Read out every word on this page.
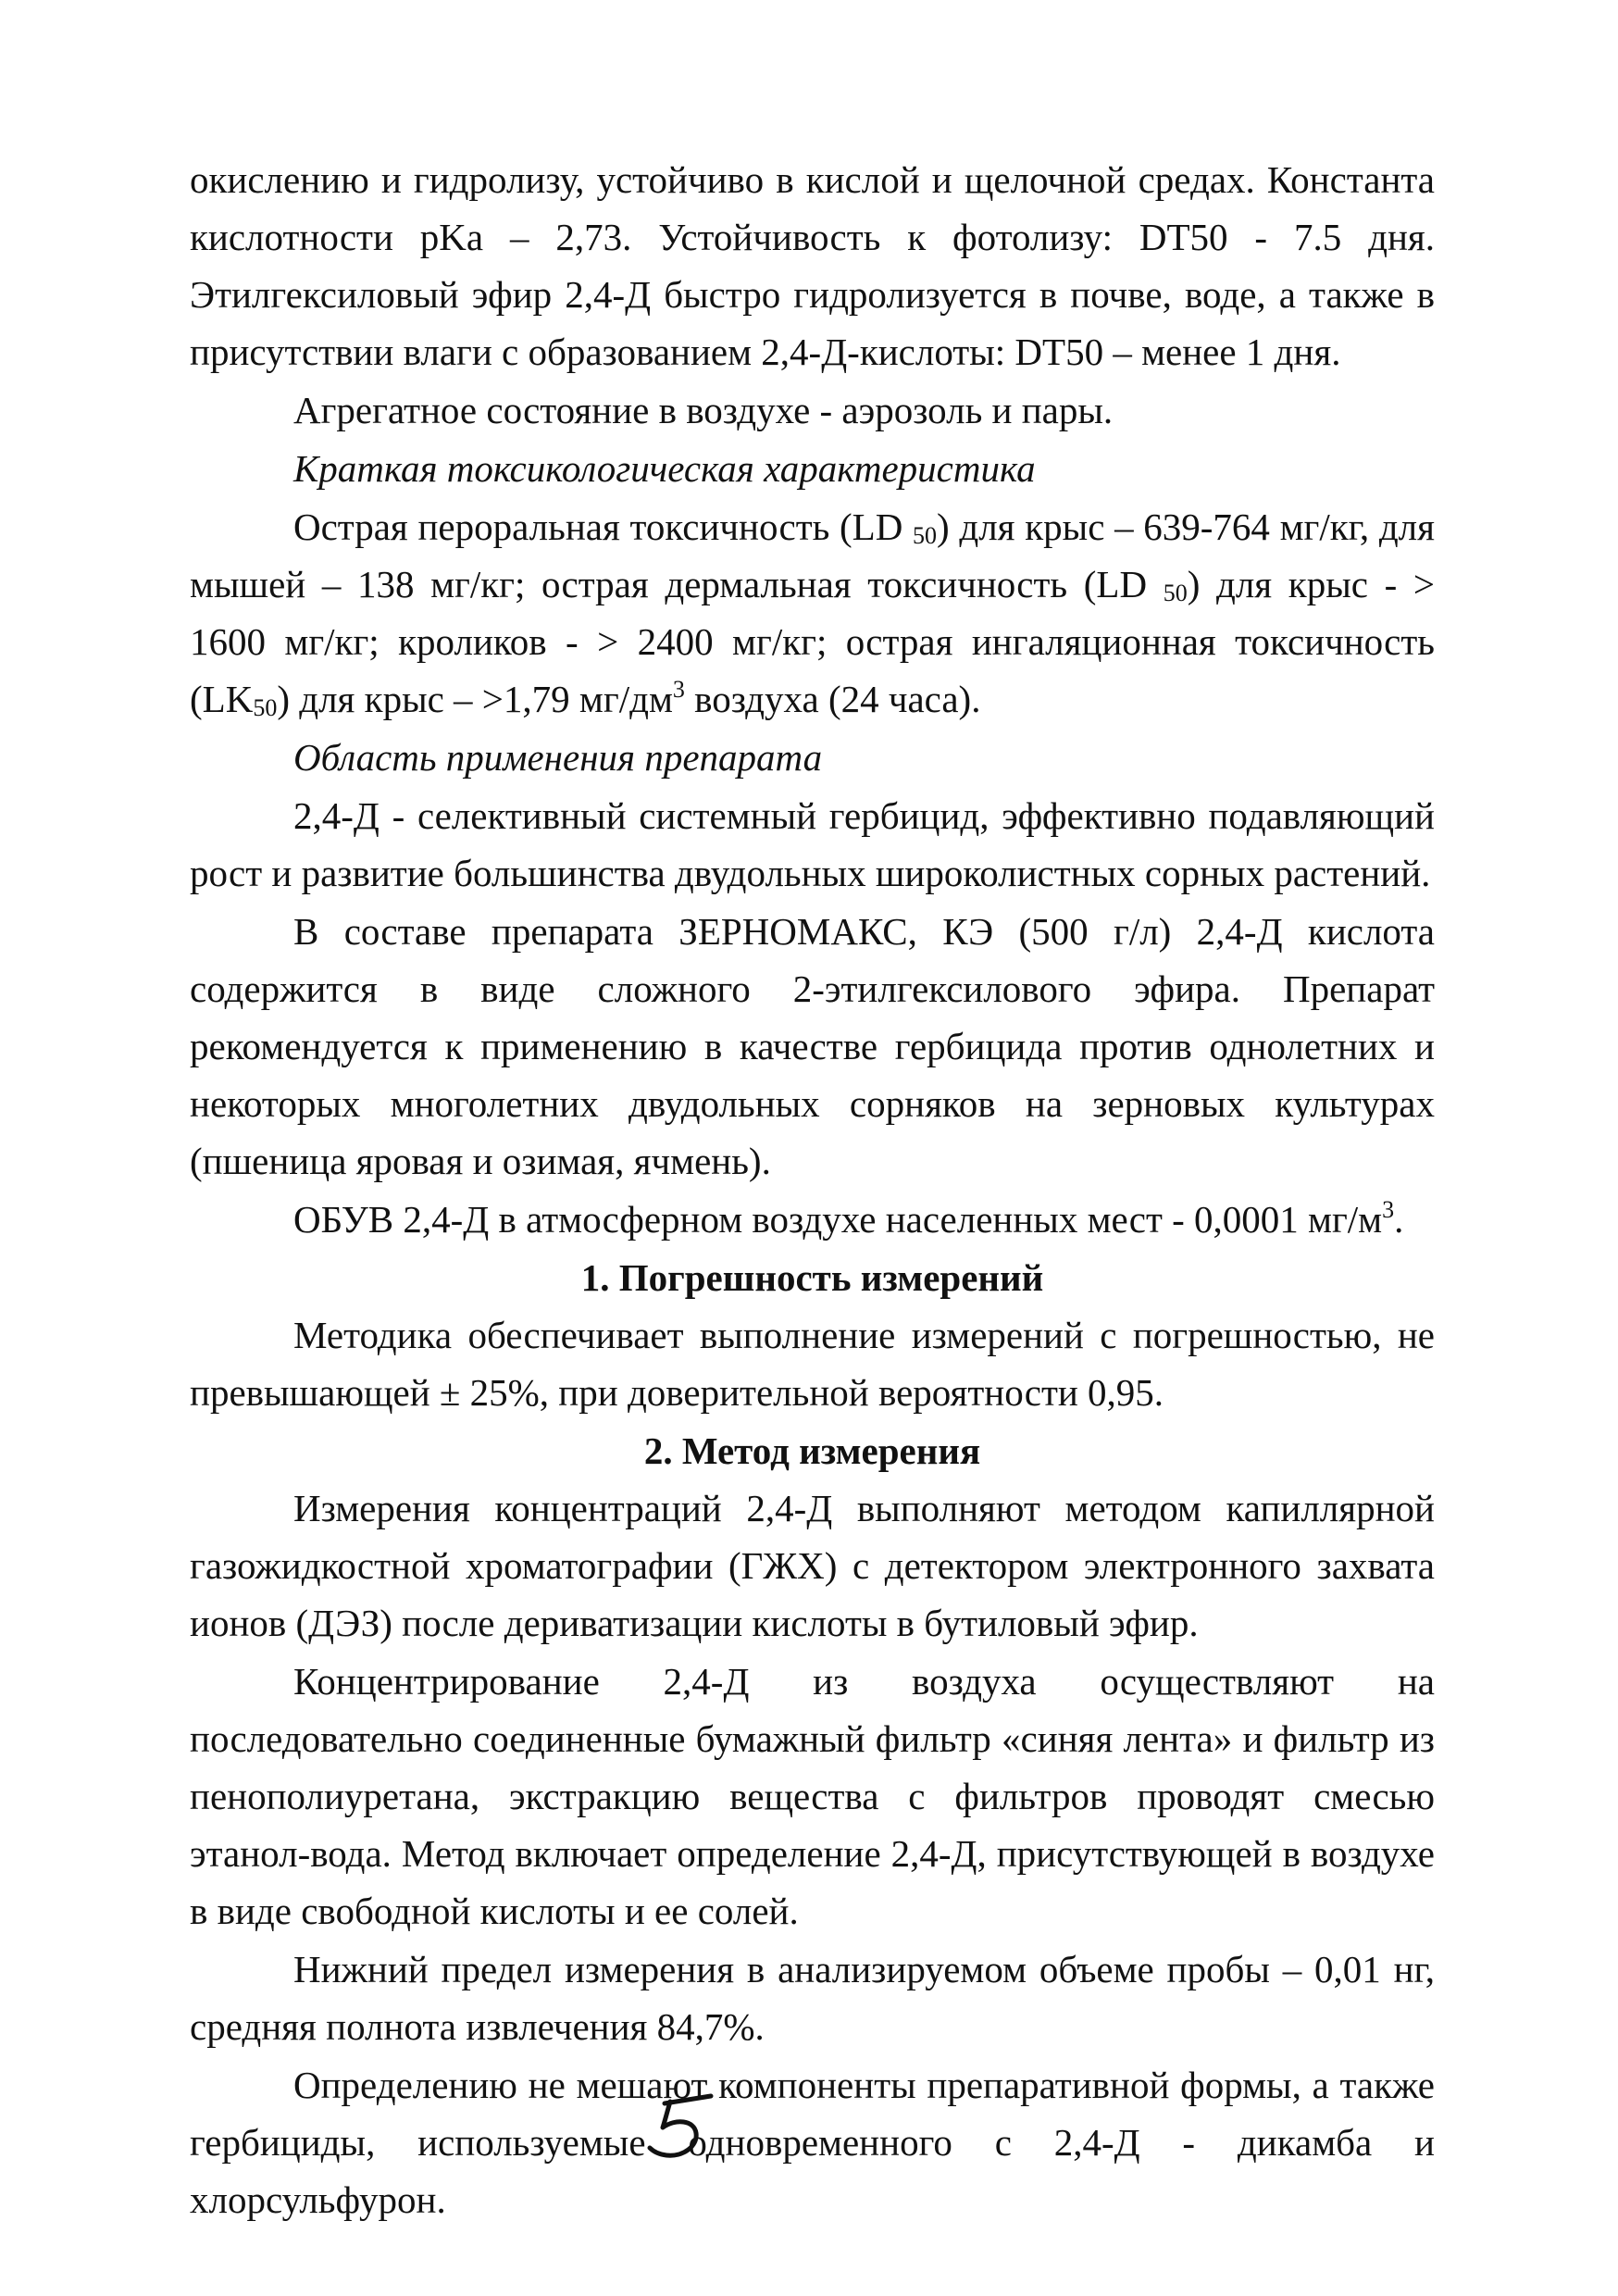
окислению и гидролизу, устойчиво в кислой и щелочной средах. Константа кислотности pKa – 2,73. Устойчивость к фотолизу: DT50 - 7.5 дня. Этилгексиловый эфир 2,4-Д быстро гидролизуется в почве, воде, а также в присутствии влаги с образованием 2,4-Д-кислоты: DT50 – менее 1 дня.

Агрегатное состояние в воздухе - аэрозоль и пары.

Краткая токсикологическая характеристика

Острая пероральная токсичность (LD $_{50}$) для крыс – 639-764 мг/кг, для мышей – 138 мг/кг; острая дермальная токсичность (LD $_{50}$) для крыс - > 1600 мг/кг; кроликов - > 2400 мг/кг; острая ингаляционная токсичность $(LK_{50})$ для крыс – >1,79 $мг/дм^3$ воздуха (24 часа).

Область применения препарата

2,4-Д - селективный системный гербицид, эффективно подавляющий рост и развитие большинства двудольных широколистных сорных растений.

В составе препарата ЗЕРНОМАКС, КЭ (500 г/л) 2,4-Д кислота содержится в виде сложного 2-этилгексилового эфира. Препарат рекомендуется к применению в качестве гербицида против однолетних и некоторых многолетних двудольных сорняков на зерновых культурах (пшеница яровая и озимая, ячмень).

ОБУВ 2,4-Д в атмосферном воздухе населенных мест - 0,0001 $мг/м^3$.

1. Погрешность измерений

Методика обеспечивает выполнение измерений с погрешностью, не превышающей ± 25%, при доверительной вероятности 0,95.

2. Метод измерения

Измерения концентраций 2,4-Д выполняют методом капиллярной газожидкостной хроматографии (ГЖХ) с детектором электронного захвата ионов (ДЭЗ) после дериватизации кислоты в бутиловый эфир.

Концентрирование 2,4-Д из воздуха осуществляют на последовательно соединенные бумажный фильтр «синяя лента» и фильтр из пенополиуретана, экстракцию вещества с фильтров проводят смесью этанол-вода. Метод включает определение 2,4-Д, присутствующей в воздухе в виде свободной кислоты и ее солей.

Нижний предел измерения в анализируемом объеме пробы – 0,01 нг, средняя полнота извлечения 84,7%.

Определению не мешают компоненты препаративной формы, а также гербициды, используемые одновременного с 2,4-Д - дикамба и хлорсульфурон.
